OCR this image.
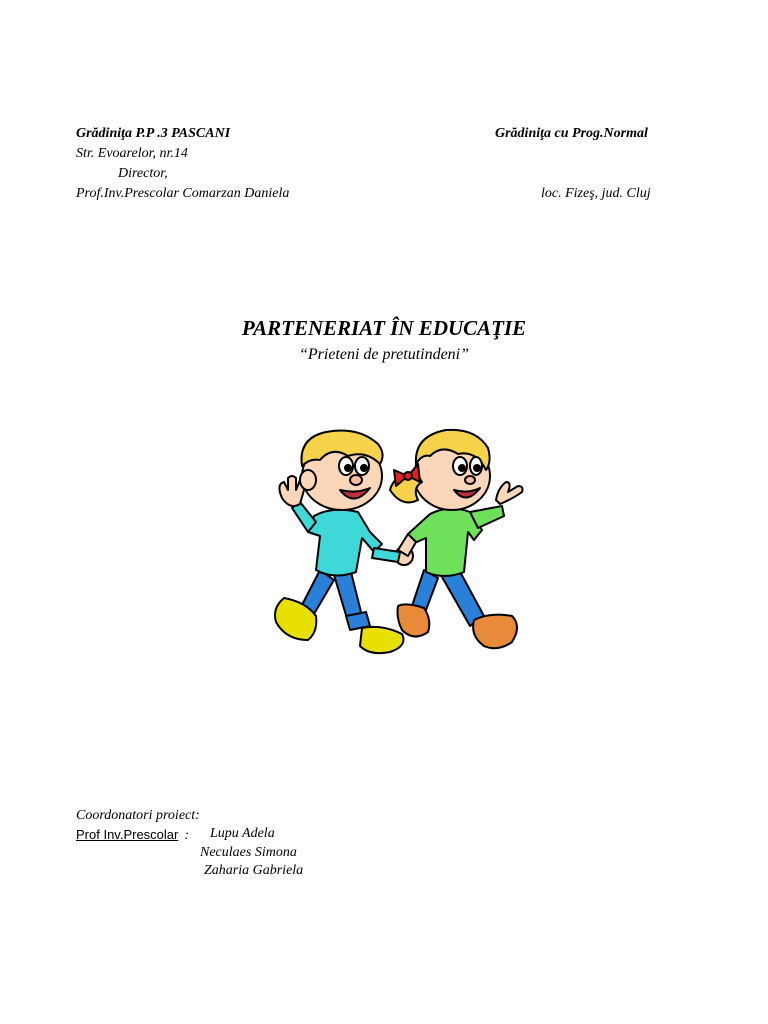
Grădiniţa P.P .3 PASCANI
Str. Evoarelor, nr.14
Director,
Prof.Inv.Prescolar Comarzan Daniela
Grădiniţa cu Prog.Normal
loc. Fizeş, jud. Cluj
PARTENERIAT ÎN EDUCAŢIE
“Prieteni de pretutindeni”
Coordonatori proiect:
Prof Inv.Prescolar : Lupu Adela
Neculaes Simona
Zaharia Gabriela
